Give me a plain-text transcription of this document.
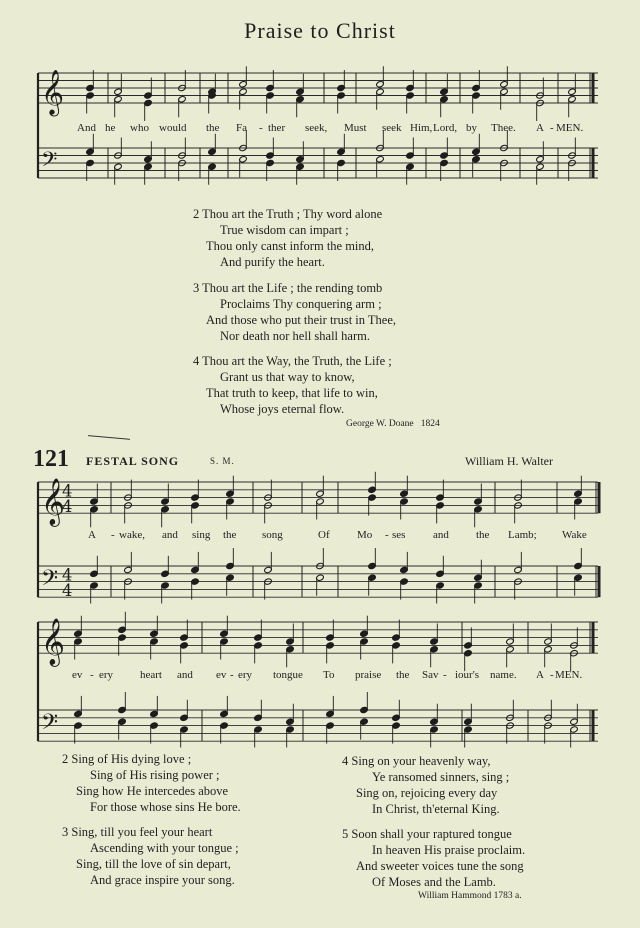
Praise to Christ
𝄞
𝄢
And he who would the Fa - ther seek, Must seek Him, Lord, by Thee. A - MEN.
2 Thou art the Truth ; Thy word alone
True wisdom can impart ;
Thou only canst inform the mind,
And purify the heart.
3 Thou art the Life ; the rending tomb
Proclaims Thy conquering arm ;
And those who put their trust in Thee,
Nor death nor hell shall harm.
4 Thou art the Way, the Truth, the Life ;
Grant us that way to know,
That truth to keep, that life to win,
Whose joys eternal flow.
George W. Doane   1824
121 FESTAL SONG	S. M.	William H. Walter
𝄞
𝄢
4
4
4
4
A - wake, and sing the song	Of Mo - ses	and the Lamb; Wake
𝄞
𝄢
ev - ery heart and ev - ery tongue To praise the Sav - iour's name. A - MEN.
2 Sing of His dying love ;
Sing of His rising power ;
Sing how He intercedes above
For those whose sins He bore.
3 Sing, till you feel your heart
Ascending with your tongue ;
Sing, till the love of sin depart,
And grace inspire your song.
4 Sing on your heavenly way,
Ye ransomed sinners, sing ;
Sing on, rejoicing every day
In Christ, th'eternal King.
5 Soon shall your raptured tongue
In heaven His praise proclaim.
And sweeter voices tune the song
Of Moses and the Lamb.
William Hammond 1783 a.
